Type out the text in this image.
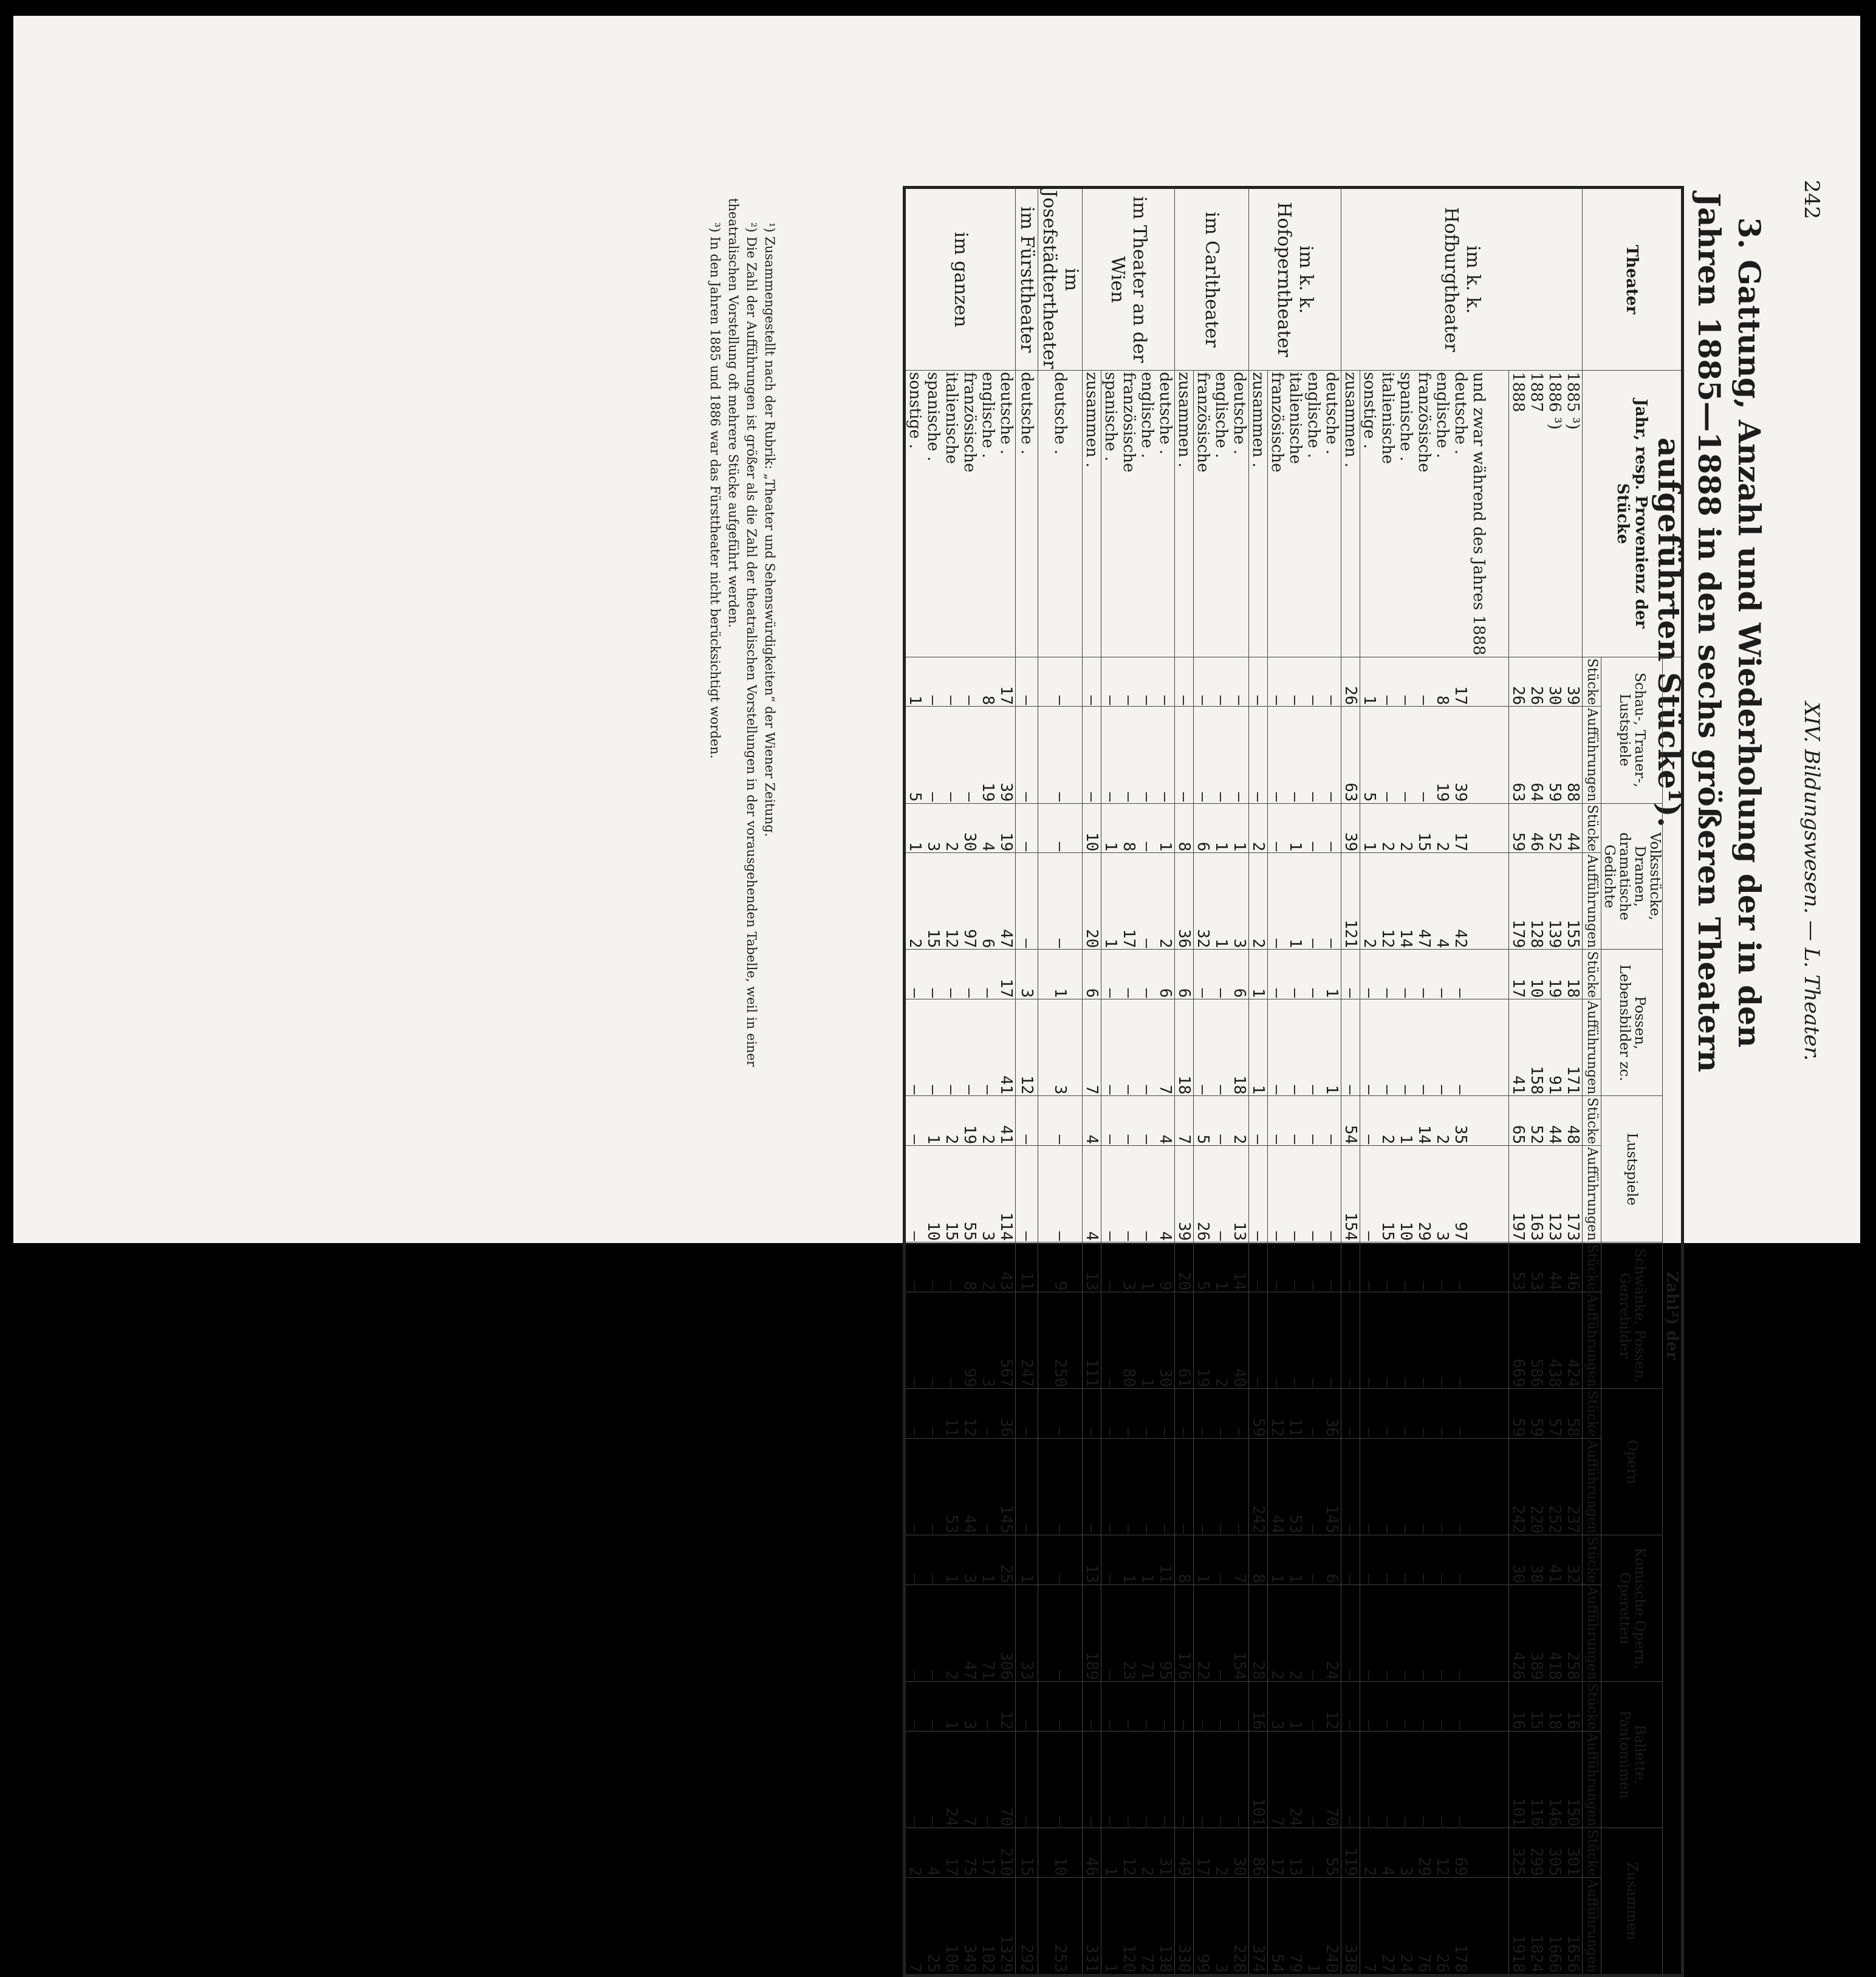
242
XIV. Bildungswesen. — L. Theater.
3. Gattung, Anzahl und Wiederholung der in den Jahren 1885—1888 in den sechs größeren Theatern aufgeführten Stücke¹).
Theater	Jahr, resp. Provenienz der Stücke	Zahl²) der																	
		Schau-, Trauer-, Lustspiele		Volksstücke, Dramen, dramatische Gedichte		Possen, Lebensbilder zc.		Lustspiele		Schwänke, Possen, Genrebilder		Opern		Komische Opern, Operetten		Ballette, Pantomimen		Zusammen	
		Stücke	Aufführungen	Stücke	Aufführungen	Stücke	Aufführungen	Stücke	Aufführungen	Stücke	Aufführungen	Stücke	Aufführungen	Stücke	Aufführungen	Stücke	Aufführungen	Stücke	Aufführungen
im k. k. Hofburgtheater	1885 ³)	39	88	44	155	18	171	48	173	46	424	58	237	32	258	16	150	301	1656
	1886 ³)	30	59	52	139	19	91	44	123	44	438	57	252	41	418	18	146	305	1666
	1887	26	64	46	128	10	158	52	163	53	586	59	220	38	389	15	116	299	1824
	1888	26	63	59	179	17	41	65	197	53	669	59	242	30	426	16	101	325	1918
	und zwar während des Jahres 1888																		
	deutsche .	17	39	17	42	—	—	35	97	—	—	—	—	—	—	—	—	69	178
	englische .	8	19	2	4	—	—	2	3	—	—	—	—	—	—	—	—	12	26
	französische	—	—	15	47	—	—	14	29	—	—	—	—	—	—	—	—	29	76
	spanische .	—	—	2	14	—	—	1	10	—	—	—	—	—	—	—	—	3	24
	italienische	—	—	2	12	—	—	2	15	—	—	—	—	—	—	—	—	4	27
	sonstige .	1	5	1	2	—	—	—	—	—	—	—	—	—	—	—	—	2	7
	zusammen .	26	63	39	121	—	—	54	154	—	—	—	—	—	—	—	—	119	338
im k. k. Hofoperntheater	deutsche .	—	—	—	—	1	1	—	—	—	—	36	145	6	24	12	70	55	240
	englische .	—	—	—	—	—	—	—	—	—	—	—	—	—	—	—	—	—	1
	italienische	—	—	1	1	—	—	—	—	—	—	11	53	1	2	1	24	13	79
	französische	—	—	—	—	—	—	—	—	—	—	12	44	1	2	3	7	17	54
	zusammen .	—	—	2	2	1	1	—	—	—	—	59	242	8	28	16	101	86	374
im Carltheater	deutsche .	—	—	1	3	6	18	2	13	14	40	—	—	7	154	—	—	30	228
	englische .	—	—	1	1	—	—	—	—	1	2	—	—	—	—	—	—	2	3
	französische	—	—	6	32	—	—	5	26	5	19	—	—	1	22	—	—	17	99
	zusammen .	—	—	8	36	6	18	7	39	20	61	—	—	8	176	—	—	49	330
im Theater an der Wien	deutsche .	—	—	1	2	6	7	4	4	9	30	—	—	11	95	—	—	31	138
	englische .	—	—	—	—	—	—	—	—	1	1	—	—	1	71	—	—	2	72
	französische	—	—	8	17	—	—	—	—	3	80	—	—	1	23	—	—	12	120
	spanische .	—	—	1	1	—	—	—	—	—	—	—	—	—	—	—	—	1	1
	zusammen .	—	—	10	20	6	7	4	4	13	111	—	—	13	189	—	—	46	331
im Josefstädtertheater	deutsche .	—	—	—	—	1	3	—	—	9	250	—	—	—	—	—	—	10	253
im Fürsttheater	deutsche .	—	—	—	—	3	12	—	—	11	247	—	—	1	33	—	—	15	292
im ganzen	deutsche .	17	39	19	47	17	41	41	114	43	567	36	145	25	306	12	70	210	1329
	englische .	8	19	4	6	—	—	2	3	2	3	—	—	1	71	—	—	17	102
	französische	—	—	30	97	—	—	19	55	8	99	12	44	3	47	3	7	75	349
	italienische	—	—	2	12	—	—	2	15	—	—	11	53	1	2	1	24	17	106
	spanische .	—	—	3	15	—	—	1	10	—	—	—	—	—	—	—	—	4	25
	sonstige .	1	5	1	2	—	—	—	—	—	—	—	—	—	—	—	—	2	7

¹) Zusammengestellt nach der Rubrik: „Theater und Sehenswürdigkeiten“ der Wiener Zeitung.

²) Die Zahl der Aufführungen ist größer als die Zahl der theatralischen Vorstellungen in der vorausgehenden Tabelle, weil in einer theatralischen Vorstellung oft mehrere Stücke aufgeführt werden.

³) In den Jahren 1885 und 1886 war das Fürsttheater nicht berücksichtigt worden.
